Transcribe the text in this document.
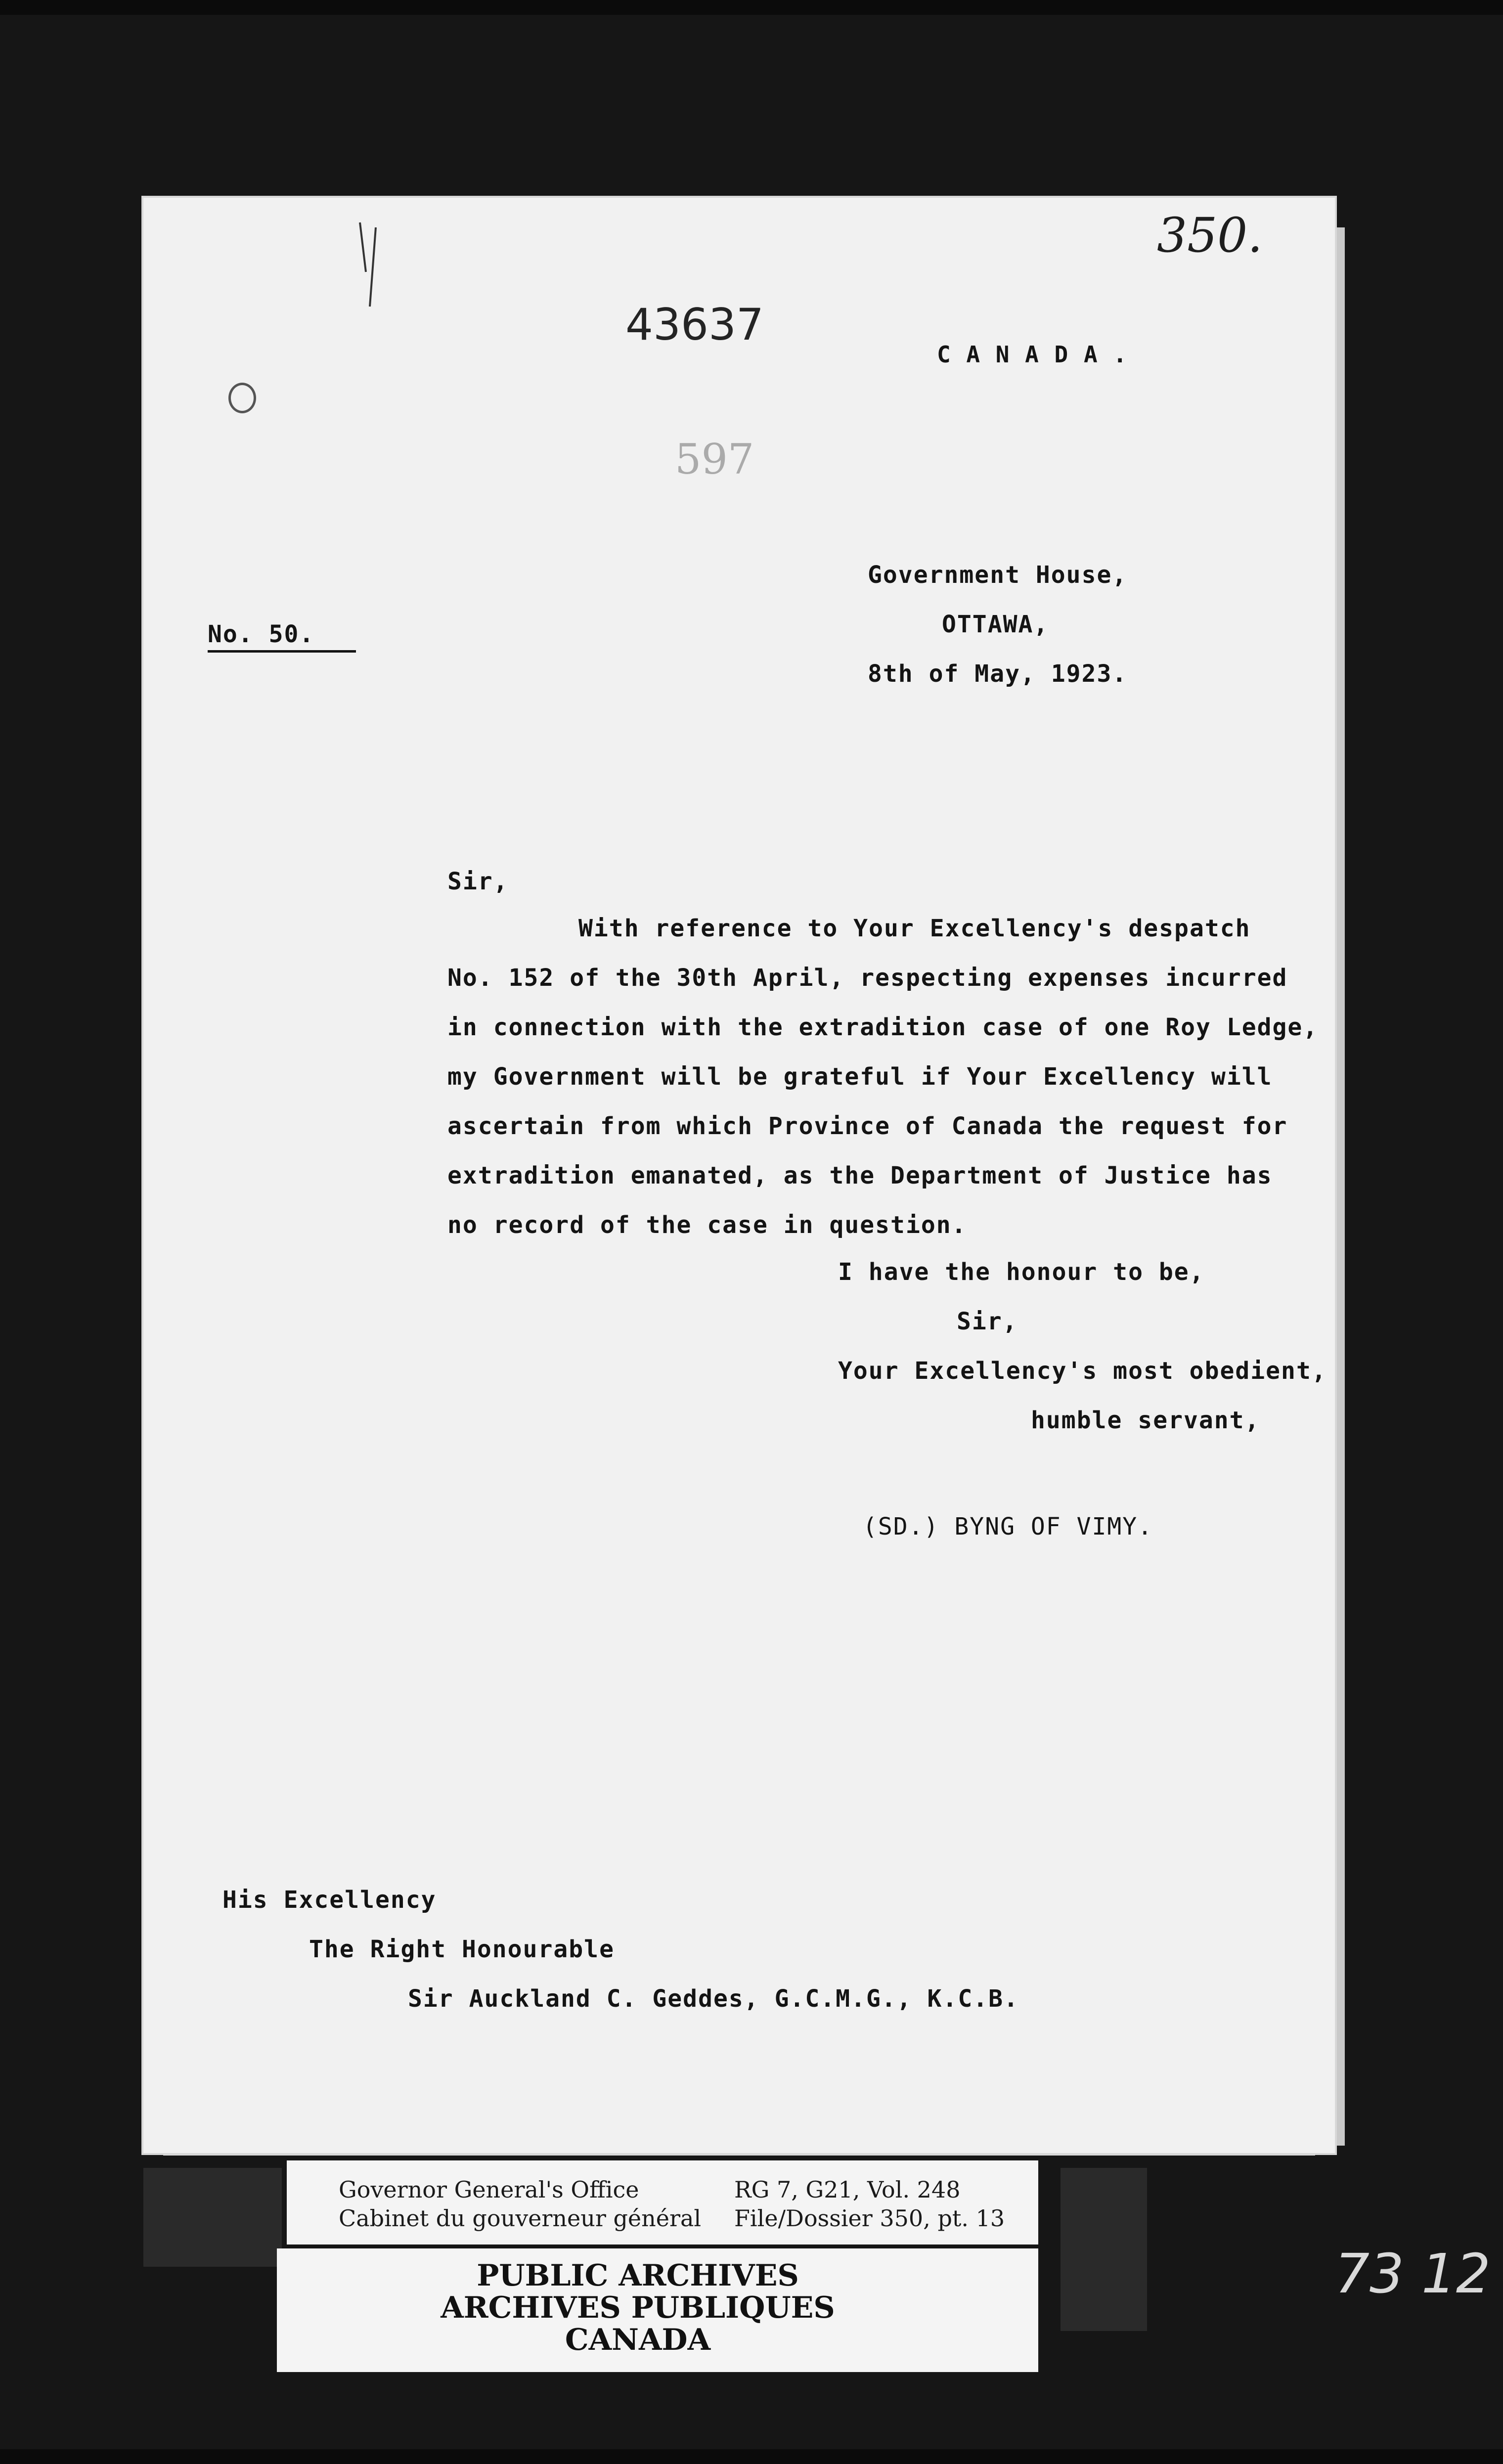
350.
43637
597
C A N A D A .
Government House,
OTTAWA,
8th of May, 1923.
No. 50.
Sir,
With reference to Your Excellency's despatch
No. 152 of the 30th April, respecting expenses incurred
in connection with the extradition case of one Roy Ledge,
my Government will be grateful if Your Excellency will
ascertain from which Province of Canada the request for
extradition emanated, as the Department of Justice has
no record of the case in question.
I have the honour to be,
Sir,
Your Excellency's most obedient,
humble servant,
(SD.) BYNG OF VIMY.
His Excellency
The Right Honourable
Sir Auckland C. Geddes, G.C.M.G., K.C.B.
Governor General's Office
Cabinet du gouverneur général
RG 7, G21, Vol. 248
File/Dossier 350, pt. 13
PUBLIC ARCHIVES
ARCHIVES PUBLIQUES
CANADA
73 12
